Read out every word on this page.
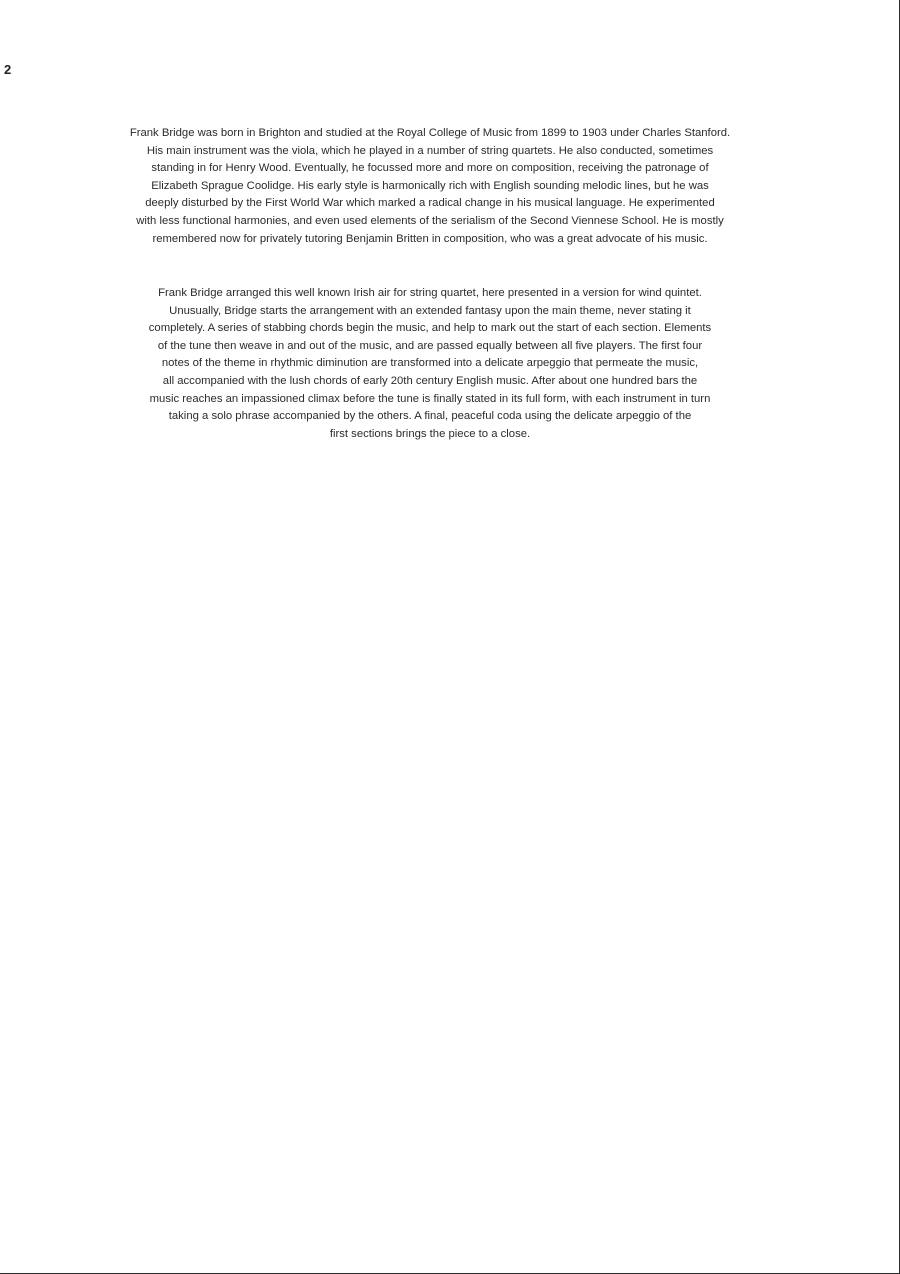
2
Frank Bridge was born in Brighton and studied at the Royal College of Music from 1899 to 1903 under Charles Stanford.
His main instrument was the viola, which he played in a number of string quartets. He also conducted, sometimes
standing in for Henry Wood. Eventually, he focussed more and more on composition, receiving the patronage of
Elizabeth Sprague Coolidge. His early style is harmonically rich with English sounding melodic lines, but he was
deeply disturbed by the First World War which marked a radical change in his musical language. He experimented
with less functional harmonies, and even used elements of the serialism of the Second Viennese School. He is mostly
remembered now for privately tutoring Benjamin Britten in composition, who was a great advocate of his music.
Frank Bridge arranged this well known Irish air for string quartet, here presented in a version for wind quintet.
Unusually, Bridge starts the arrangement with an extended fantasy upon the main theme, never stating it
completely. A series of stabbing chords begin the music, and help to mark out the start of each section. Elements
of the tune then weave in and out of the music, and are passed equally between all five players. The first four
notes of the theme in rhythmic diminution are transformed into a delicate arpeggio that permeate the music,
all accompanied with the lush chords of early 20th century English music. After about one hundred bars the
music reaches an impassioned climax before the tune is finally stated in its full form, with each instrument in turn
taking a solo phrase accompanied by the others. A final, peaceful coda using the delicate arpeggio of the
first sections brings the piece to a close.
